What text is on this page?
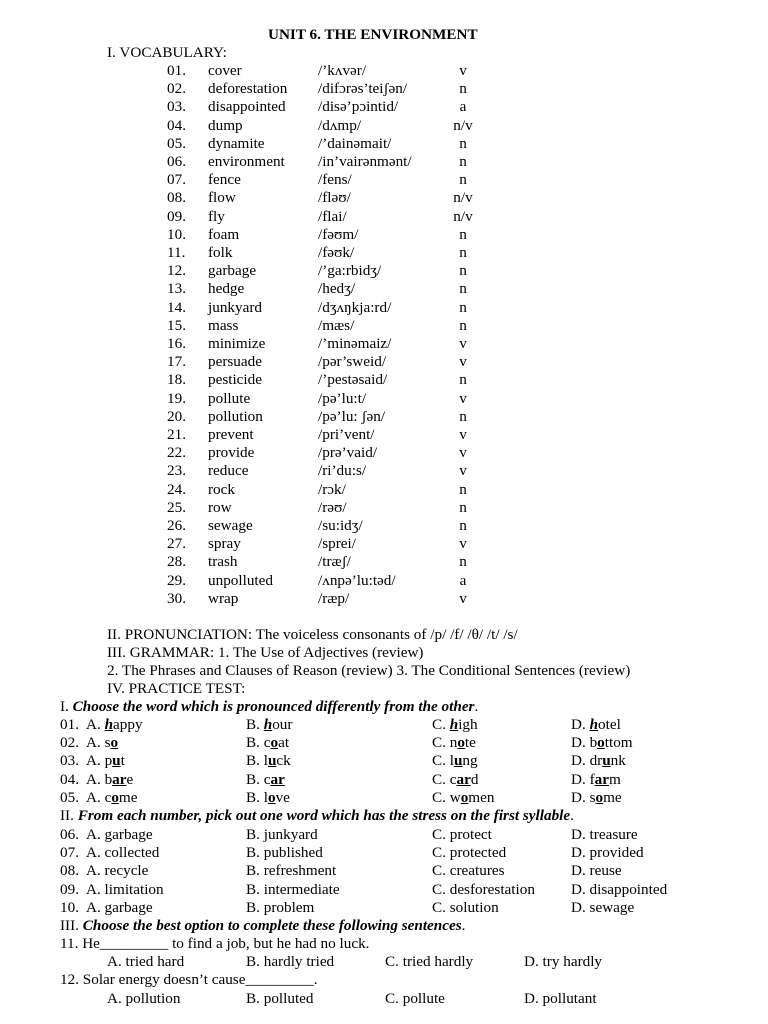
UNIT 6. THE ENVIRONMENT
I. VOCABULARY:
01. cover	/’kʌvər/	v
02. deforestation /difɔrəs’teiʃən/	n
03. disappointed /disə’pɔintid/	a
04. dump	/dʌmp/	n/v
05. dynamite	/’dainəmait/	n
06. environment /in’vairənmənt/	n
07. fence	/fens/	n
08. flow	/fləʊ/	n/v
09. fly	/flai/	n/v
10. foam	/fəʊm/	n
11. folk	/fəʊk/	n
12. garbage	/’ga:rbidʒ/	n
13. hedge	/hedʒ/	n
14. junkyard	/dʒʌŋkja:rd/	n
15. mass	/mæs/	n
16. minimize	/’minəmaiz/	v
17. persuade	/pər’sweid/	v
18. pesticide	/’pestəsaid/	n
19. pollute	/pə’lu:t/	v
20. pollution	/pə’lu: ʃən/	n
21. prevent	/pri’vent/	v
22. provide	/prə’vaid/	v
23. reduce	/ri’du:s/	v
24. rock	/rɔk/	n
25. row	/rəʊ/	n
26. sewage	/su:idʒ/	n
27. spray	/sprei/	v
28. trash	/træʃ/	n
29. unpolluted	/ʌnpə’lu:təd/	a
30. wrap	/ræp/	v
II. PRONUNCIATION: The voiceless consonants of /p/ /f/ /θ/ /t/ /s/
III. GRAMMAR: 1. The Use of Adjectives (review)
2. The Phrases and Clauses of Reason (review) 3. The Conditional Sentences (review)
IV. PRACTICE TEST:
I. Choose the word which is pronounced differently from the other.
01. A. happy	B. hour	C. high	D. hotel
02. A. so	B. coat	C. note	D. bottom
03. A. put	B. luck	C. lung	D. drunk
04. A. bare	B. car	C. card	D. farm
05. A. come	B. love	C. women	D. some
II. From each number, pick out one word which has the stress on the first syllable.
06. A. garbage	B. junkyard	C. protect	D. treasure
07. A. collected	B. published	C. protected	D. provided
08. A. recycle	B. refreshment	C. creatures	D. reuse
09. A. limitation	B. intermediate	C. desforestation D. disappointed
10. A. garbage	B. problem	C. solution	D. sewage
III. Choose the best option to complete these following sentences.
11. He_________ to find a job, but he had no luck.
A. tried hard	B. hardly tried	C. tried hardly	D. try hardly
12. Solar energy doesn’t cause_________.
A. pollution	B. polluted	C. pollute	D. pollutant
